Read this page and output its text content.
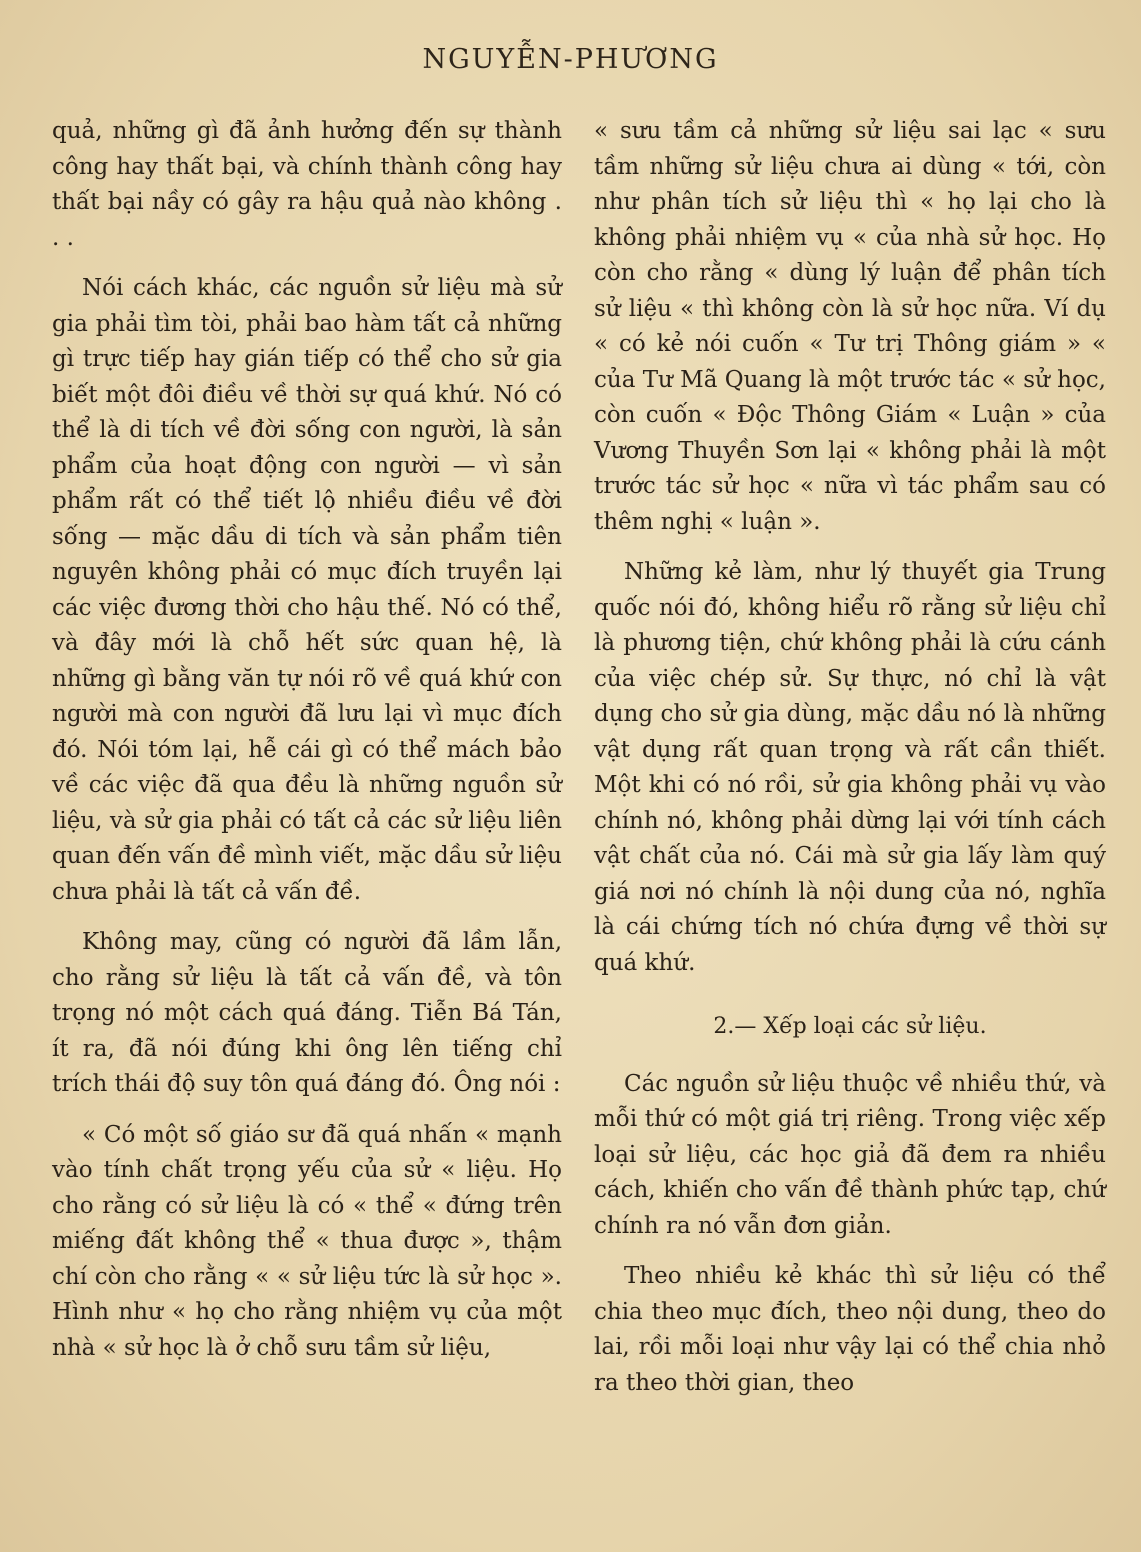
NGUYỄN-PHƯƠNG

quả, những gì đã ảnh hưởng đến sự thành công hay thất bại, và chính thành công hay thất bại nầy có gây ra hậu quả nào không . . .

Nói cách khác, các nguồn sử liệu mà sử gia phải tìm tòi, phải bao hàm tất cả những gì trực tiếp hay gián tiếp có thể cho sử gia biết một đôi điều về thời sự quá khứ. Nó có thể là di tích về đời sống con người, là sản phẩm của hoạt động con người — vì sản phẩm rất có thể tiết lộ nhiều điều về đời sống — mặc dầu di tích và sản phẩm tiên nguyên không phải có mục đích truyền lại các việc đương thời cho hậu thế. Nó có thể, và đây mới là chỗ hết sức quan hệ, là những gì bằng văn tự nói rõ về quá khứ con người mà con người đã lưu lại vì mục đích đó. Nói tóm lại, hễ cái gì có thể mách bảo về các việc đã qua đều là những nguồn sử liệu, và sử gia phải có tất cả các sử liệu liên quan đến vấn đề mình viết, mặc dầu sử liệu chưa phải là tất cả vấn đề.

Không may, cũng có người đã lầm lẫn, cho rằng sử liệu là tất cả vấn đề, và tôn trọng nó một cách quá đáng. Tiễn Bá Tán, ít ra, đã nói đúng khi ông lên tiếng chỉ trích thái độ suy tôn quá đáng đó. Ông nói :

« Có một số giáo sư đã quá nhấn « mạnh vào tính chất trọng yếu của sử « liệu. Họ cho rằng có sử liệu là có « thể « đứng trên miếng đất không thể « thua được », thậm chí còn cho rằng « « sử liệu tức là sử học ». Hình như « họ cho rằng nhiệm vụ của một nhà « sử học là ở chỗ sưu tầm sử liệu,

« sưu tầm cả những sử liệu sai lạc « sưu tầm những sử liệu chưa ai dùng « tới, còn như phân tích sử liệu thì « họ lại cho là không phải nhiệm vụ « của nhà sử học. Họ còn cho rằng « dùng lý luận để phân tích sử liệu « thì không còn là sử học nữa. Ví dụ « có kẻ nói cuốn « Tư trị Thông giám » « của Tư Mã Quang là một trước tác « sử học, còn cuốn « Độc Thông Giám « Luận » của Vương Thuyền Sơn lại « không phải là một trước tác sử học « nữa vì tác phẩm sau có thêm nghị « luận ».

Những kẻ làm, như lý thuyết gia Trung quốc nói đó, không hiểu rõ rằng sử liệu chỉ là phương tiện, chứ không phải là cứu cánh của việc chép sử. Sự thực, nó chỉ là vật dụng cho sử gia dùng, mặc dầu nó là những vật dụng rất quan trọng và rất cần thiết. Một khi có nó rồi, sử gia không phải vụ vào chính nó, không phải dừng lại với tính cách vật chất của nó. Cái mà sử gia lấy làm quý giá nơi nó chính là nội dung của nó, nghĩa là cái chứng tích nó chứa đựng về thời sự quá khứ.

2.— Xếp loại các sử liệu.

Các nguồn sử liệu thuộc về nhiều thứ, và mỗi thứ có một giá trị riêng. Trong việc xếp loại sử liệu, các học giả đã đem ra nhiều cách, khiến cho vấn đề thành phức tạp, chứ chính ra nó vẫn đơn giản.

Theo nhiều kẻ khác thì sử liệu có thể chia theo mục đích, theo nội dung, theo do lai, rồi mỗi loại như vậy lại có thể chia nhỏ ra theo thời gian, theo
